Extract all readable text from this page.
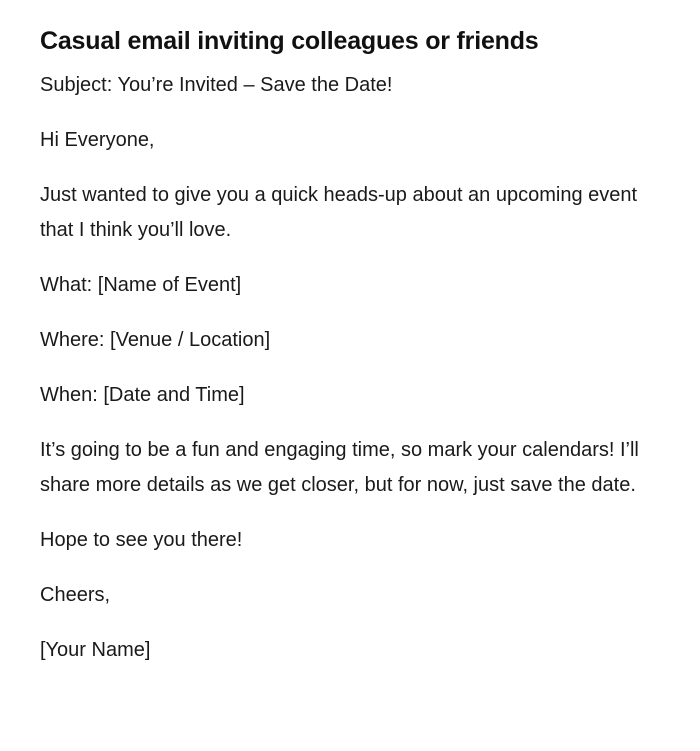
Casual email inviting colleagues or friends

Subject: You’re Invited – Save the Date!

Hi Everyone,

Just wanted to give you a quick heads-up about an upcoming event that I think you’ll love.

What: [Name of Event]

Where: [Venue / Location]

When: [Date and Time]

It’s going to be a fun and engaging time, so mark your calendars! I’ll share more details as we get closer, but for now, just save the date.

Hope to see you there!

Cheers,

[Your Name]
